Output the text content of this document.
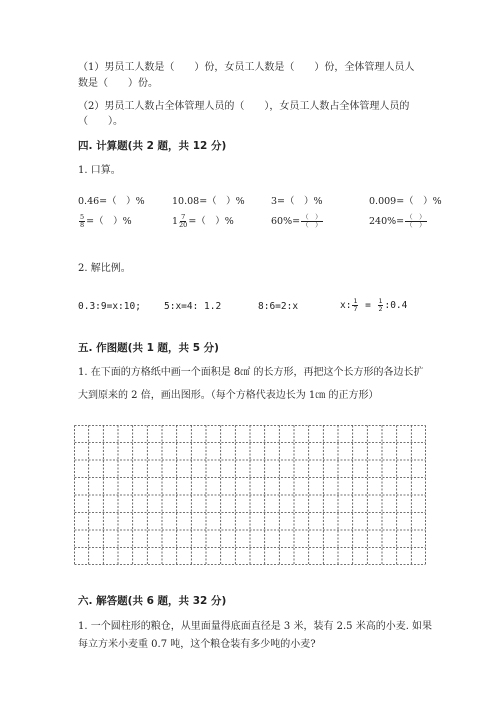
（1）男员工人数是（　　）份，女员工人数是（　　）份，全体管理人员人
数是（　　）份。
（2）男员工人数占全体管理人员的（　　），女员工人数占全体管理人员的
（　　）。
四. 计算题(共 2 题，共 12 分)
1. 口算。
0.46=（　）%	10.08=（　）%	3=（　）%	0.009=（　）%
$\frac{5}{8}$ =（　）%	$1 \frac{7}{20}$ =（　）%	$60\%= \frac{( )}{( )}$	$240\%= \frac{( )}{( )}$
2. 解比例。
0.3:9=x:10; 5:x=4: 1.2	8:6=2:x	x: $\frac{1}{7} = \frac{1}{2}$ :0.4
五. 作图题(共 1 题，共 5 分)
1. 在下面的方格纸中画一个面积是 8㎠ 的长方形，再把这个长方形的各边长扩
大到原来的 2 倍，画出图形。（每个方格代表边长为 1㎝ 的正方形）
六. 解答题(共 6 题，共 32 分)
1. 一个圆柱形的粮仓，从里面量得底面直径是 3 米，装有 2.5 米高的小麦. 如果
每立方米小麦重 0.7 吨，这个粮仓装有多少吨的小麦?
